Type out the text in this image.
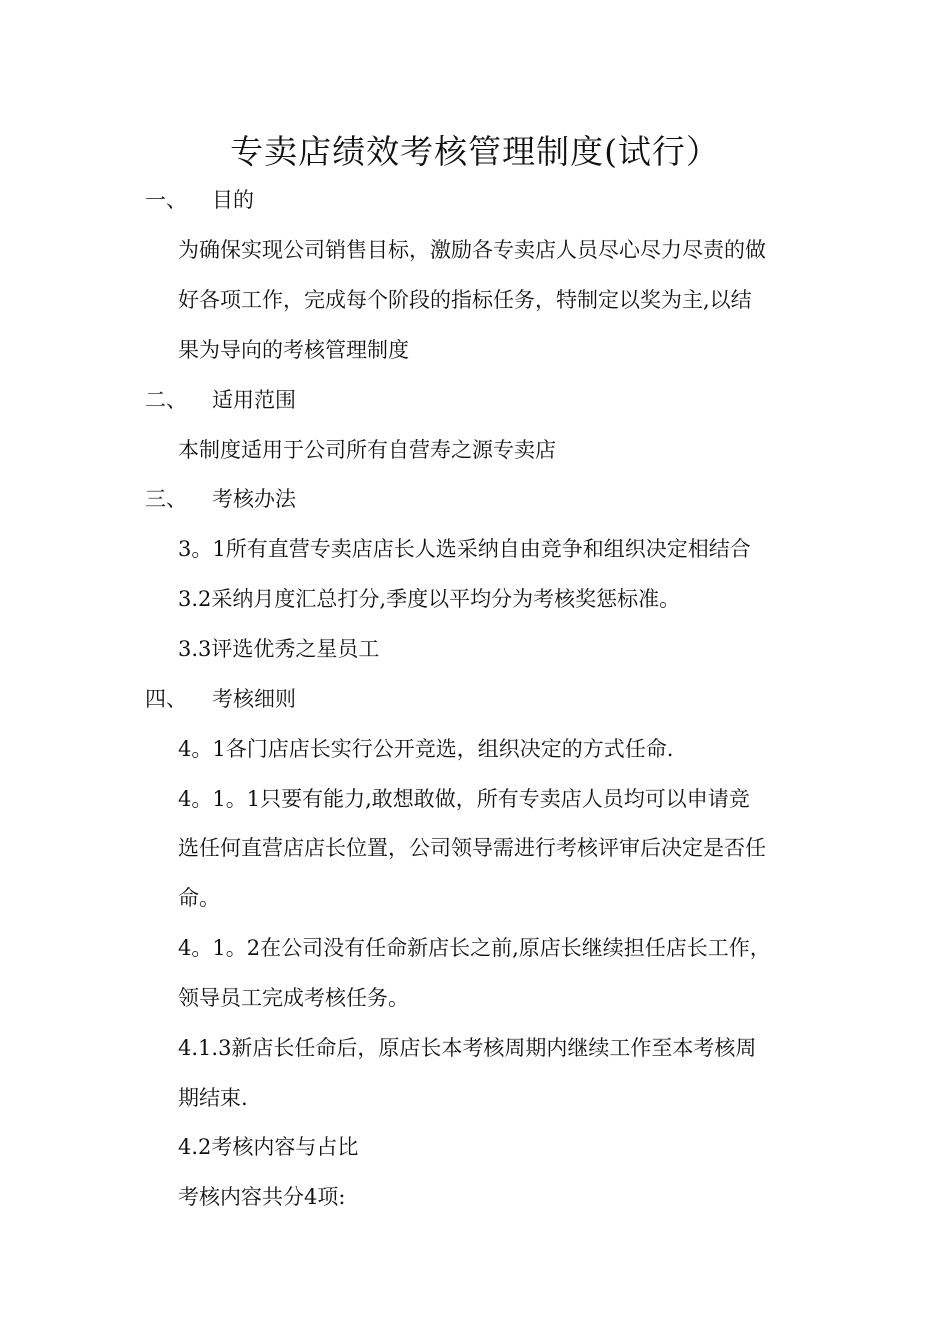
专卖店绩效考核管理制度(试行）
一、 目的
为确保实现公司销售目标，激励各专卖店人员尽心尽力尽责的做
好各项工作，完成每个阶段的指标任务，特制定以奖为主,以结
果为导向的考核管理制度
二、 适用范围
本制度适用于公司所有自营寿之源专卖店
三、 考核办法
3。1所有直营专卖店店长人选采纳自由竞争和组织决定相结合
3.2采纳月度汇总打分,季度以平均分为考核奖惩标准。
3.3评选优秀之星员工
四、 考核细则
4。1各门店店长实行公开竞选，组织决定的方式任命.
4。1。1只要有能力,敢想敢做，所有专卖店人员均可以申请竞
选任何直营店店长位置，公司领导需进行考核评审后决定是否任
命。
4。1。2在公司没有任命新店长之前,原店长继续担任店长工作，
领导员工完成考核任务。
4.1.3新店长任命后，原店长本考核周期内继续工作至本考核周
期结束.
4.2考核内容与占比
考核内容共分4项:
